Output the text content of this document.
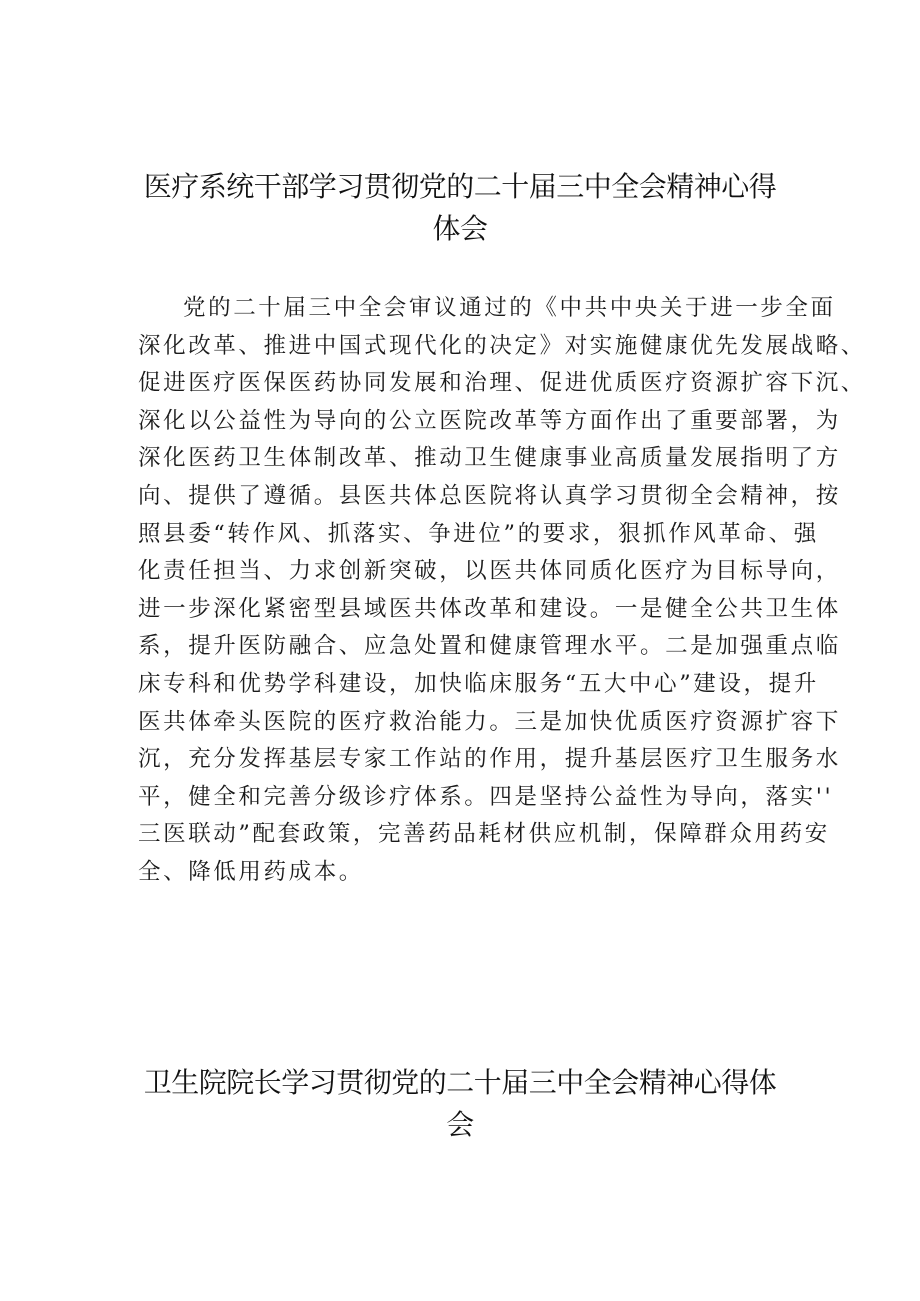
医疗系统干部学习贯彻党的二十届三中全会精神心得
体会
党的二十届三中全会审议通过的《中共中央关于进一步全面
深化改革、推进中国式现代化的决定》对实施健康优先发展战略、
促进医疗医保医药协同发展和治理、促进优质医疗资源扩容下沉、
深化以公益性为导向的公立医院改革等方面作出了重要部署，为
深化医药卫生体制改革、推动卫生健康事业高质量发展指明了方
向、提供了遵循。县医共体总医院将认真学习贯彻全会精神，按
照县委“转作风、抓落实、争进位”的要求，狠抓作风革命、强
化责任担当、力求创新突破，以医共体同质化医疗为目标导向，
进一步深化紧密型县域医共体改革和建设。一是健全公共卫生体
系，提升医防融合、应急处置和健康管理水平。二是加强重点临
床专科和优势学科建设，加快临床服务“五大中心”建设，提升
医共体牵头医院的医疗救治能力。三是加快优质医疗资源扩容下
沉，充分发挥基层专家工作站的作用，提升基层医疗卫生服务水
平，健全和完善分级诊疗体系。四是坚持公益性为导向，落实''
三医联动”配套政策，完善药品耗材供应机制，保障群众用药安
全、降低用药成本。
卫生院院长学习贯彻党的二十届三中全会精神心得体
会
